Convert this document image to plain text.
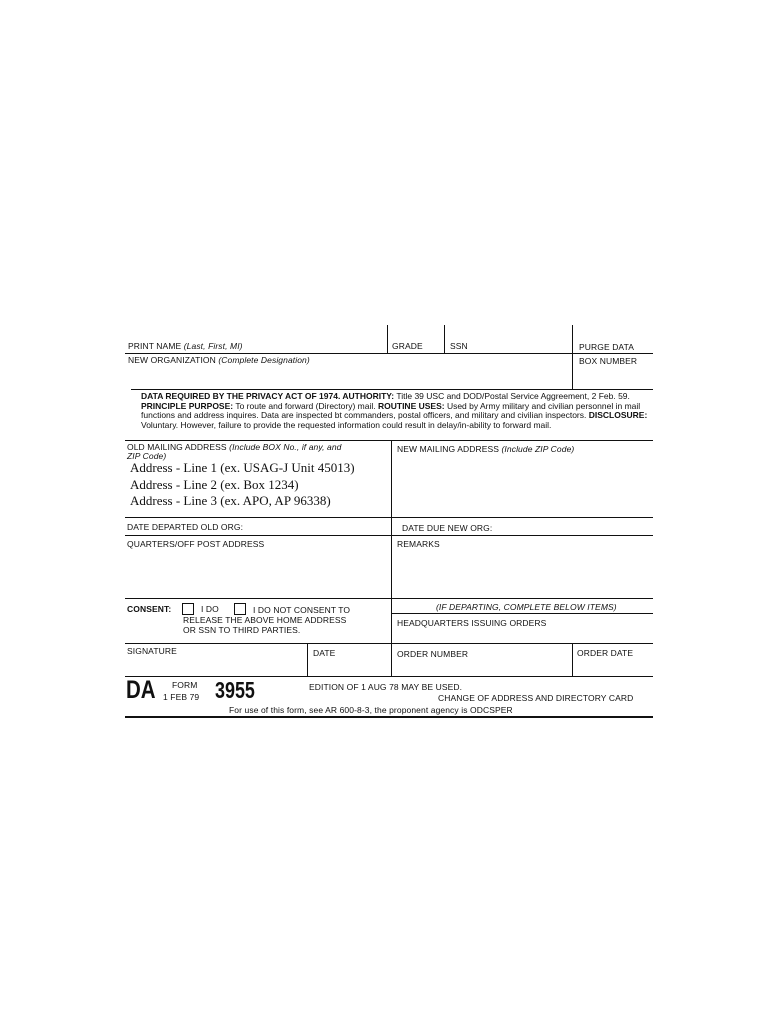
PRINT NAME (Last, First, MI)	GRADE	SSN	PURGE DATA
NEW ORGANIZATION (Complete Designation)	BOX NUMBER
DATA REQUIRED BY THE PRIVACY ACT OF 1974. AUTHORITY: Title 39 USC and DOD/Postal Service Aggreement, 2 Feb. 59. PRINCIPLE PURPOSE: To route and forward (Directory) mail. ROUTINE USES: Used by Army military and civilian personnel in mail functions and address inquires. Data are inspected bt commanders, postal officers, and military and civilian inspectors. DISCLOSURE: Voluntary. However, failure to provide the requested information could result in delay/in-ability to forward mail.
OLD MAILING ADDRESS (Include BOX No., if any, and
ZIP Code)
Address - Line 1 (ex. USAG-J Unit 45013)
Address - Line 2 (ex. Box 1234)
Address - Line 3 (ex. APO, AP 96338)
NEW MAILING ADDRESS (Include ZIP Code)
DATE DEPARTED OLD ORG:	DATE DUE NEW ORG:
QUARTERS/OFF POST ADDRESS	REMARKS
CONSENT:	I DO	I DO NOT CONSENT TO
RELEASE THE ABOVE HOME ADDRESS
OR SSN TO THIRD PARTIES.
(IF DEPARTING, COMPLETE BELOW ITEMS)
HEADQUARTERS ISSUING ORDERS
SIGNATURE	DATE	ORDER NUMBER	ORDER DATE
DA FORM
1 FEB 79 3955	EDITION OF 1 AUG 78 MAY BE USED.
CHANGE OF ADDRESS AND DIRECTORY CARD
For use of this form, see AR 600-8-3, the proponent agency is ODCSPER
